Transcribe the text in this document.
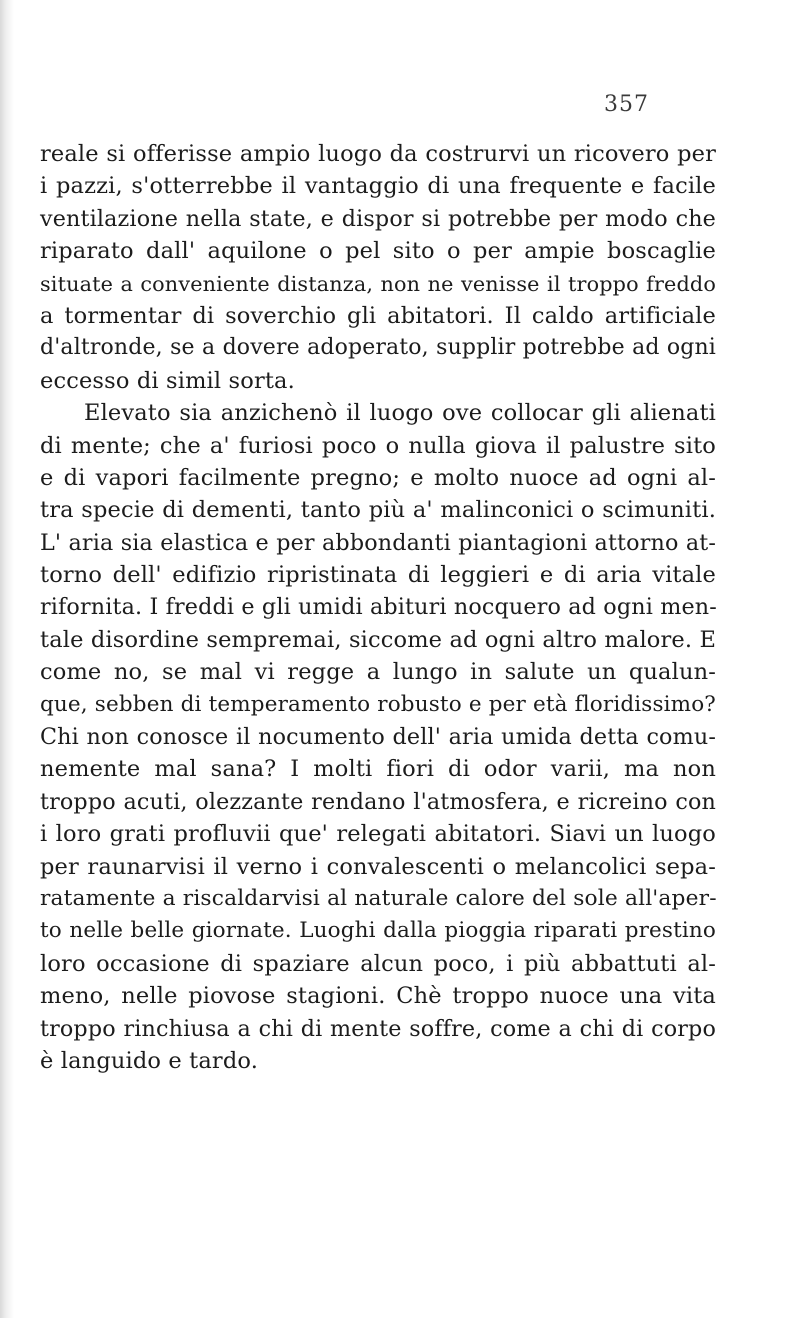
357
reale si offerisse ampio luogo da costrurvi un ricovero per
i pazzi, s'otterrebbe il vantaggio di una frequente e facile
ventilazione nella state, e dispor si potrebbe per modo che
riparato dall' aquilone o pel sito o per ampie boscaglie
situate a conveniente distanza, non ne venisse il troppo freddo
a tormentar di soverchio gli abitatori. Il caldo artificiale
d'altronde, se a dovere adoperato, supplir potrebbe ad ogni
eccesso di simil sorta.
Elevato sia anzichenò il luogo ove collocar gli alienati
di mente; che a' furiosi poco o nulla giova il palustre sito
e di vapori facilmente pregno; e molto nuoce ad ogni al-
tra specie di dementi, tanto più a' malinconici o scimuniti.
L' aria sia elastica e per abbondanti piantagioni attorno at-
torno dell' edifizio ripristinata di leggieri e di aria vitale
rifornita. I freddi e gli umidi abituri nocquero ad ogni men-
tale disordine sempremai, siccome ad ogni altro malore. E
come no, se mal vi regge a lungo in salute un qualun-
que, sebben di temperamento robusto e per età floridissimo?
Chi non conosce il nocumento dell' aria umida detta comu-
nemente mal sana? I molti fiori di odor varii, ma non
troppo acuti, olezzante rendano l'atmosfera, e ricreino con
i loro grati profluvii que' relegati abitatori. Siavi un luogo
per raunarvisi il verno i convalescenti o melancolici sepa-
ratamente a riscaldarvisi al naturale calore del sole all'aper-
to nelle belle giornate. Luoghi dalla pioggia riparati prestino
loro occasione di spaziare alcun poco, i più abbattuti al-
meno, nelle piovose stagioni. Chè troppo nuoce una vita
troppo rinchiusa a chi di mente soffre, come a chi di corpo
è languido e tardo.
